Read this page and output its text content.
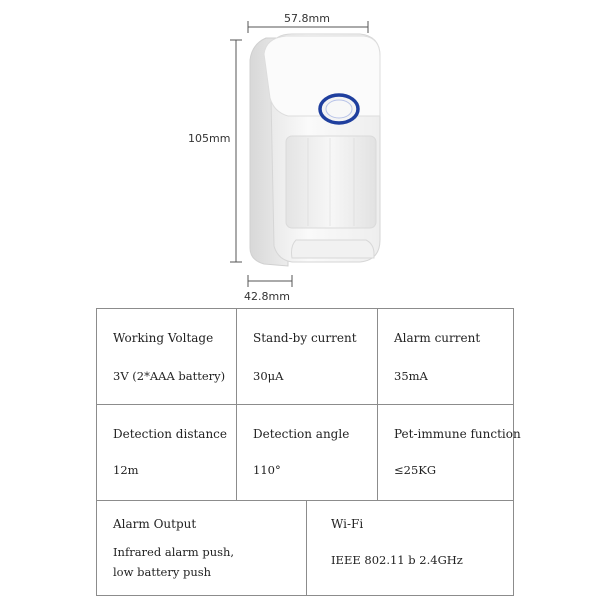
57.8mm
105mm
42.8mm
Working Voltage
3V (2*AAA battery)
Stand-by current
30μA
Alarm current
35mA
Detection distance
12m
Detection angle
110°
Pet-immune function
≤25KG
Alarm Output
Infrared alarm push,
low battery push
Wi-Fi
IEEE 802.11 b 2.4GHz
